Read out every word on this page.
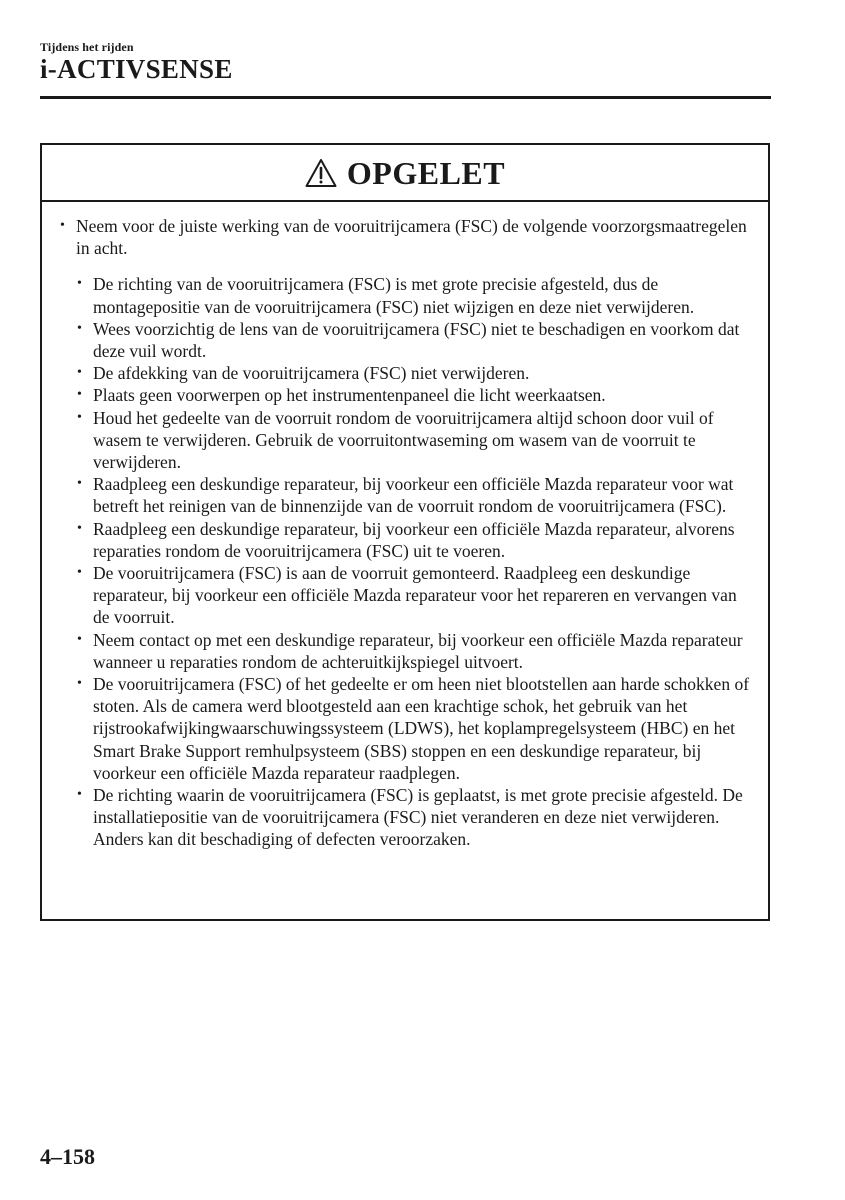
Tijdens het rijden
i-ACTIVSENSE
OPGELET
• Neem voor de juiste werking van de vooruitrijcamera (FSC) de volgende voorzorgsmaatregelen in acht.
• De richting van de vooruitrijcamera (FSC) is met grote precisie afgesteld, dus de montagepositie van de vooruitrijcamera (FSC) niet wijzigen en deze niet verwijderen.
• Wees voorzichtig de lens van de vooruitrijcamera (FSC) niet te beschadigen en voorkom dat deze vuil wordt.
• De afdekking van de vooruitrijcamera (FSC) niet verwijderen.
• Plaats geen voorwerpen op het instrumentenpaneel die licht weerkaatsen.
• Houd het gedeelte van de voorruit rondom de vooruitrijcamera altijd schoon door vuil of wasem te verwijderen. Gebruik de voorruitontwaseming om wasem van de voorruit te verwijderen.
• Raadpleeg een deskundige reparateur, bij voorkeur een officiële Mazda reparateur voor wat betreft het reinigen van de binnenzijde van de voorruit rondom de vooruitrijcamera (FSC).
• Raadpleeg een deskundige reparateur, bij voorkeur een officiële Mazda reparateur, alvorens reparaties rondom de vooruitrijcamera (FSC) uit te voeren.
• De vooruitrijcamera (FSC) is aan de voorruit gemonteerd. Raadpleeg een deskundige reparateur, bij voorkeur een officiële Mazda reparateur voor het repareren en vervangen van de voorruit.
• Neem contact op met een deskundige reparateur, bij voorkeur een officiële Mazda reparateur wanneer u reparaties rondom de achteruitkijkspiegel uitvoert.
• De vooruitrijcamera (FSC) of het gedeelte er om heen niet blootstellen aan harde schokken of stoten. Als de camera werd blootgesteld aan een krachtige schok, het gebruik van het rijstrookafwijkingwaarschuwingssysteem (LDWS), het koplampregelsysteem (HBC) en het Smart Brake Support remhulpsysteem (SBS) stoppen en een deskundige reparateur, bij voorkeur een officiële Mazda reparateur raadplegen.
• De richting waarin de vooruitrijcamera (FSC) is geplaatst, is met grote precisie afgesteld. De installatiepositie van de vooruitrijcamera (FSC) niet veranderen en deze niet verwijderen. Anders kan dit beschadiging of defecten veroorzaken.
4–158
